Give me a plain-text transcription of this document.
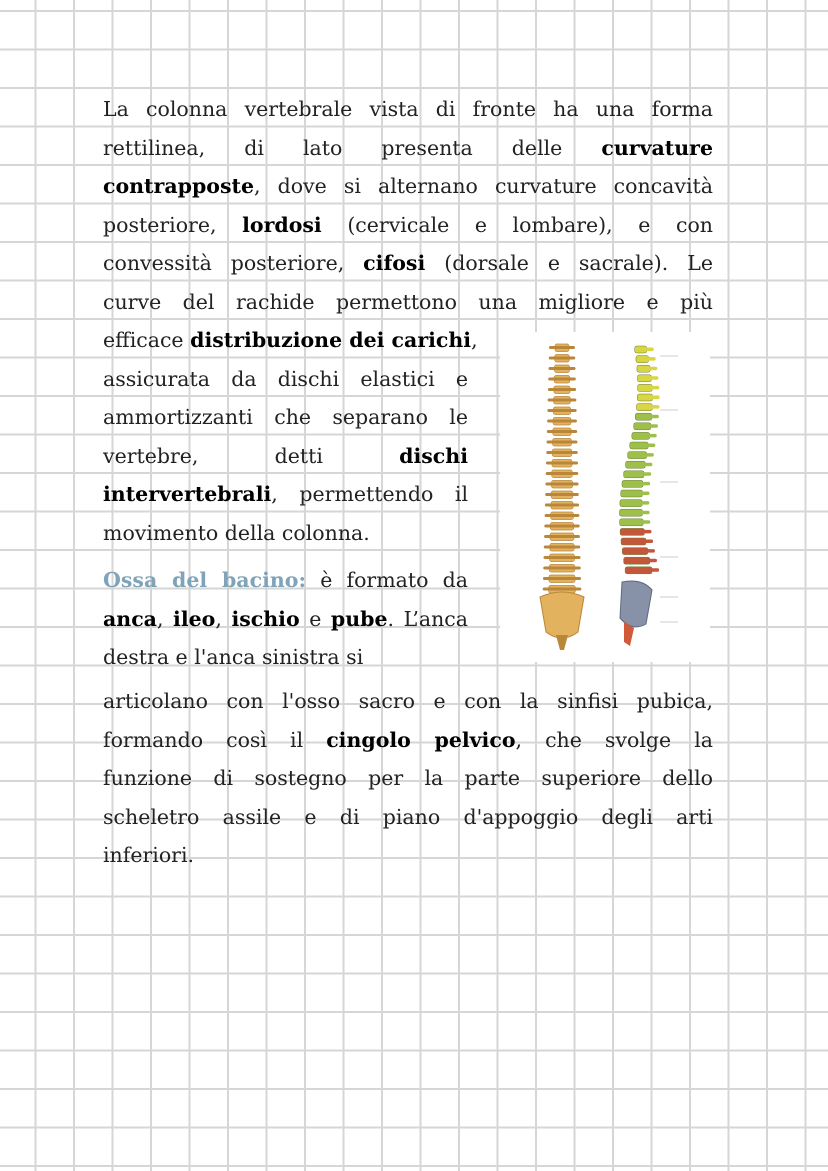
La colonna vertebrale vista di fronte ha una forma
rettilinea, di lato presenta delle curvature
contrapposte, dove si alternano curvature concavità
posteriore, lordosi (cervicale e lombare), e con
convessità posteriore, cifosi (dorsale e sacrale). Le
curve del rachide permettono una migliore e più
efficace distribuzione dei carichi,
assicurata da dischi elastici e
ammortizzanti che separano le
vertebre, detti	dischi
intervertebrali, permettendo il
movimento della colonna.
Ossa del bacino: è formato da
anca, ileo, ischio e pube. L’anca
destra e l'anca sinistra si
articolano con l'osso sacro e con la sinfisi pubica,
formando così il cingolo pelvico, che svolge la
funzione di sostegno per la parte superiore dello
scheletro assile e di piano d'appoggio degli arti
inferiori.
